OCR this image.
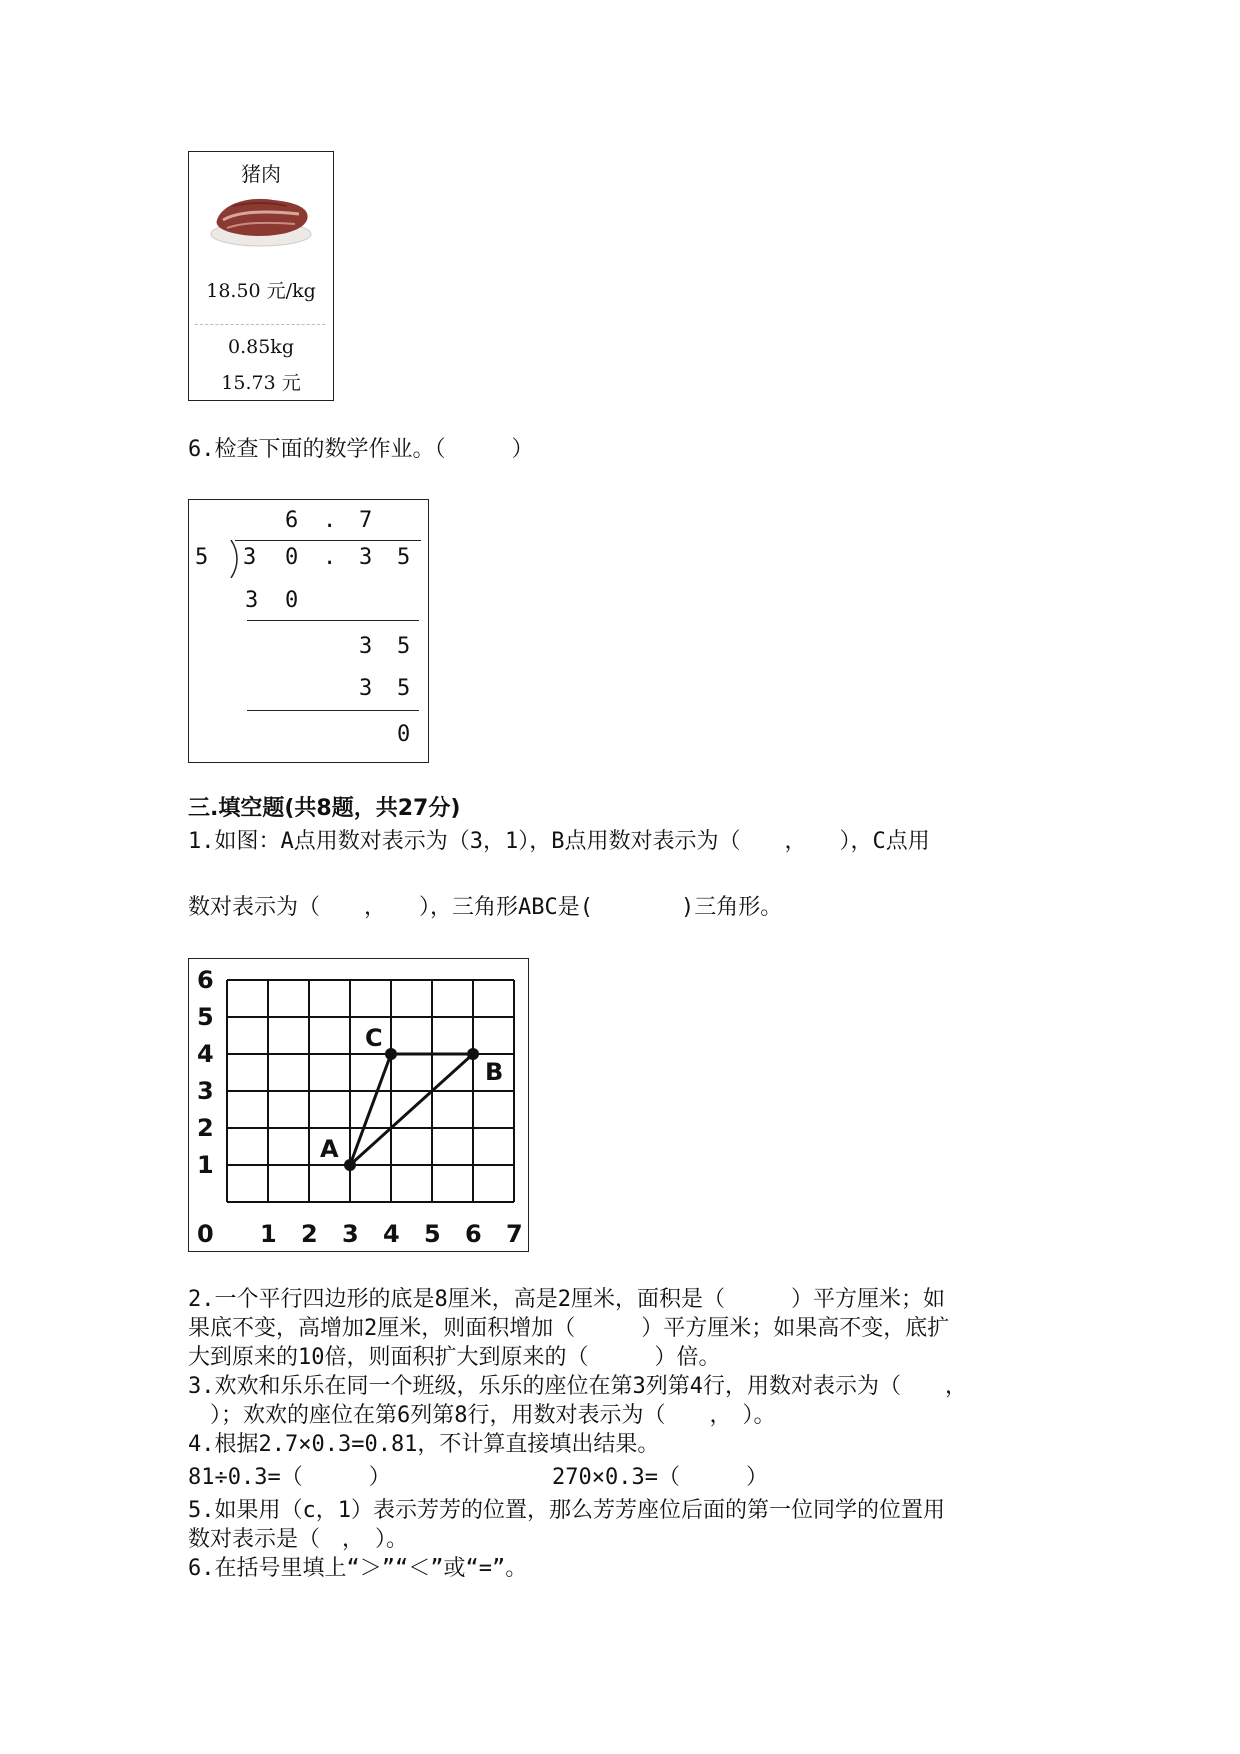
猪肉
18.50 元/kg
0.85kg
15.73 元
6.检查下面的数学作业。（　　　）
6 . 7
5 3 0 . 3 5
3 0
3 5
3 5
0
三.填空题(共8题，共27分)
1.如图：A点用数对表示为（3，1），B点用数对表示为（　　，　　），C点用
数对表示为（　　，　　），三角形ABC是(　　　　)三角形。
1
2
3
4
5
6
0 1 2 3 4 5 6 7
A
B
C
2.一个平行四边形的底是8厘米，高是2厘米，面积是（　　　）平方厘米；如
果底不变，高增加2厘米，则面积增加（　　　）平方厘米；如果高不变，底扩
大到原来的10倍，则面积扩大到原来的（　　　）倍。
3.欢欢和乐乐在同一个班级，乐乐的座位在第3列第4行，用数对表示为（　　，
　）；欢欢的座位在第6列第8行，用数对表示为（　　，　）。
4.根据2.7×0.3=0.81，不计算直接填出结果。
81÷0.3=（　　　）	270×0.3=（　　　）
5.如果用（c，1）表示芳芳的位置，那么芳芳座位后面的第一位同学的位置用
数对表示是（　，　）。
6.在括号里填上“＞”“＜”或“=”。
